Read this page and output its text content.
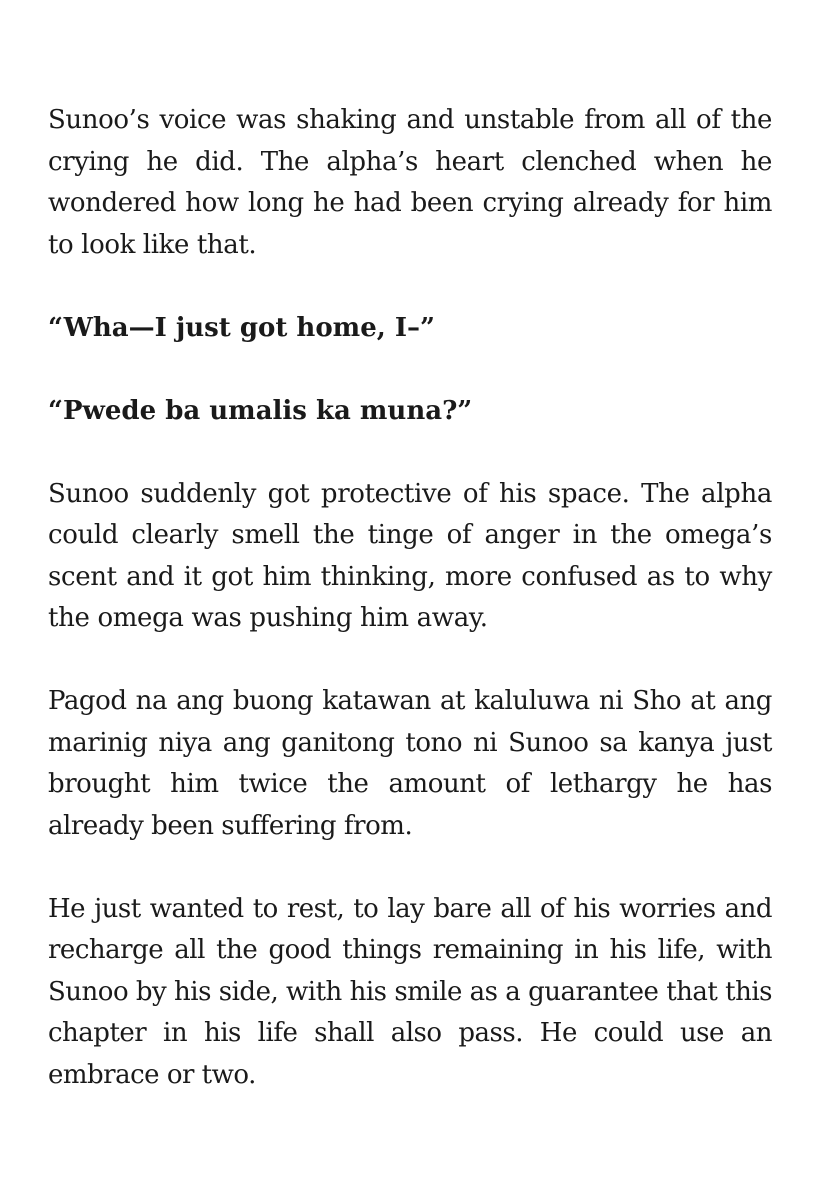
Sunoo’s voice was shaking and unstable from all of the crying he did. The alpha’s heart clenched when he wondered how long he had been crying already for him to look like that.

“Wha—I just got home, I–”

“Pwede ba umalis ka muna?”

Sunoo suddenly got protective of his space. The alpha could clearly smell the tinge of anger in the omega’s scent and it got him thinking, more confused as to why the omega was pushing him away.

Pagod na ang buong katawan at kaluluwa ni Sho at ang marinig niya ang ganitong tono ni Sunoo sa kanya just brought him twice the amount of lethargy he has already been suffering from.

He just wanted to rest, to lay bare all of his worries and recharge all the good things remaining in his life, with Sunoo by his side, with his smile as a guarantee that this chapter in his life shall also pass. He could use an embrace or two.
